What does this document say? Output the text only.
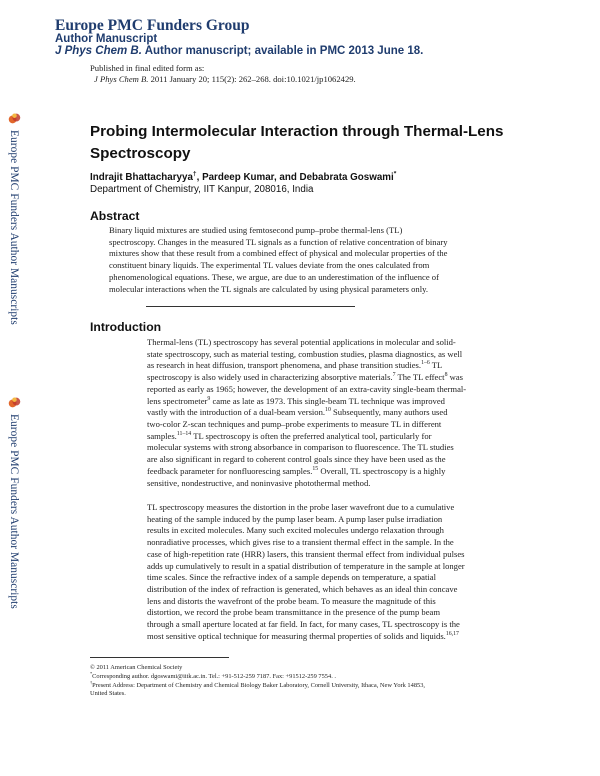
Europe PMC Funders Group
Author Manuscript
J Phys Chem B. Author manuscript; available in PMC 2013 June 18.
Published in final edited form as:
J Phys Chem B. 2011 January 20; 115(2): 262–268. doi:10.1021/jp1062429.
Europe PMC Funders Author Manuscripts
Europe PMC Funders Author Manuscripts
Probing Intermolecular Interaction through Thermal-Lens Spectroscopy
Indrajit Bhattacharyya†, Pardeep Kumar, and Debabrata Goswami*
Department of Chemistry, IIT Kanpur, 208016, India
Abstract
Binary liquid mixtures are studied using femtosecond pump–probe thermal-lens (TL)
spectroscopy. Changes in the measured TL signals as a function of relative concentration of binary
mixtures show that these result from a combined effect of physical and molecular properties of the
constituent binary liquids. The experimental TL values deviate from the ones calculated from
phenomenological equations. These, we argue, are due to an underestimation of the influence of
molecular interactions when the TL signals are calculated by using physical parameters only.
Introduction
Thermal-lens (TL) spectroscopy has several potential applications in molecular and solid-
state spectroscopy, such as material testing, combustion studies, plasma diagnostics, as well
as research in heat diffusion, transport phenomena, and phase transition studies.$^{1-6}$ TL
spectroscopy is also widely used in characterizing absorptive materials.$^7$ The TL effect$^8$ was
reported as early as 1965; however, the development of an extra-cavity single-beam thermal-
lens spectrometer$^9$ came as late as 1973. This single-beam TL technique was improved
vastly with the introduction of a dual-beam version.$^{10}$ Subsequently, many authors used
two-color Z-scan techniques and pump–probe experiments to measure TL in different
samples.$^{11-14}$ TL spectroscopy is often the preferred analytical tool, particularly for
molecular systems with strong absorbance in comparison to fluorescence. The TL studies
are also significant in regard to coherent control goals since they have been used as the
feedback parameter for nonfluorescing samples.$^{15}$ Overall, TL spectroscopy is a highly
sensitive, nondestructive, and noninvasive photothermal method.
TL spectroscopy measures the distortion in the probe laser wavefront due to a cumulative
heating of the sample induced by the pump laser beam. A pump laser pulse irradiation
results in excited molecules. Many such excited molecules undergo relaxation through
nonradiative processes, which gives rise to a transient thermal effect in the sample. In the
case of high-repetition rate (HRR) lasers, this transient thermal effect from individual pulses
adds up cumulatively to result in a spatial distribution of temperature in the sample at longer
time scales. Since the refractive index of a sample depends on temperature, a spatial
distribution of the index of refraction is generated, which behaves as an ideal thin concave
lens and distorts the wavefront of the probe beam. To measure the magnitude of this
distortion, we record the probe beam transmittance in the presence of the pump beam
through a small aperture located at far field. In fact, for many cases, TL spectroscopy is the
most sensitive optical technique for measuring thermal properties of solids and liquids.$^{16,17}$
© 2011 American Chemical Society
*Corresponding author. dgoswami@iitk.ac.in. Tel.: +91-512-259 7187. Fax: +91512-259 7554. .
†Present Address: Department of Chemistry and Chemical Biology Baker Laboratory, Cornell University, Ithaca, New York 14853,
United States.
